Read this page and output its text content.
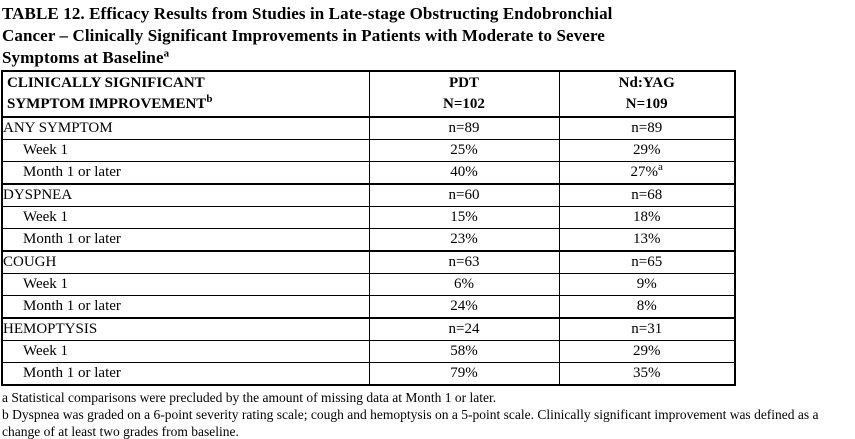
TABLE 12. Efficacy Results from Studies in Late-stage Obstructing Endobronchial
Cancer – Clinically Significant Improvements in Patients with Moderate to Severe
Symptoms at Baseline$^a$
CLINICALLY SIGNIFICANT
SYMPTOM IMPROVEMENT$^b$

PDT
N=102

Nd:YAG
N=109

ANY SYMPTOM	n=89	n=89
Week 1	25%	29%
Month 1 or later	40%	27%$^a$
DYSPNEA	n=60	n=68
Week 1	15%	18%
Month 1 or later	23%	13%
COUGH	n=63	n=65
Week 1	6%	9%
Month 1 or later	24%	8%
HEMOPTYSIS	n=24	n=31
Week 1	58%	29%
Month 1 or later	79%	35%

a Statistical comparisons were precluded by the amount of missing data at Month 1 or later.

b Dyspnea was graded on a 6-point severity rating scale; cough and hemoptysis on a 5-point scale. Clinically significant improvement was defined as a change of at least two grades from baseline.
